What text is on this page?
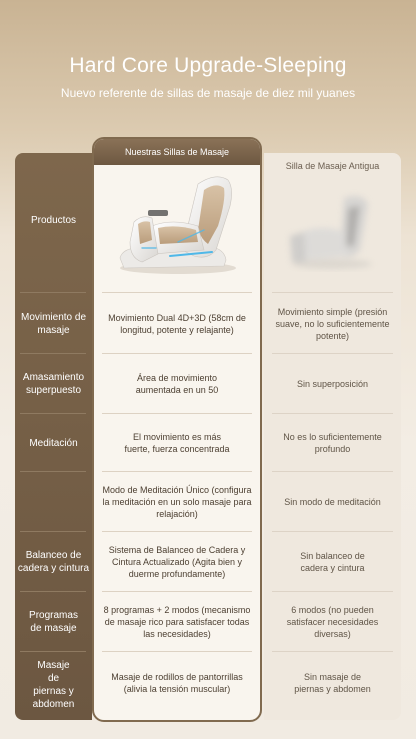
Hard Core Upgrade-Sleeping
Nuevo referente de sillas de masaje de diez mil yuanes
Nuestras Sillas de Masaje
Silla de Masaje Antigua
Productos
Movimiento de masaje
Movimiento Dual 4D+3D (58cm de longitud, potente y relajante)
Movimiento simple (presión suave, no lo suficientemente potente)
Amasamiento superpuesto
Área de movimiento aumentada en un 50
Sin superposición
Meditación
El movimiento es más fuerte, fuerza concentrada
No es lo suficientemente profundo
Modo de Meditación Único (configura la meditación en un solo masaje para relajación)
Sin modo de meditación
Balanceo de cadera y cintura
Sistema de Balanceo de Cadera y Cintura Actualizado (Agita bien y duerme profundamente)
Sin balanceo de cadera y cintura
Programas de masaje
8 programas + 2 modos (mecanismo de masaje rico para satisfacer todas las necesidades)
6 modos (no pueden satisfacer necesidades diversas)
Masaje de piernas y abdomen
Masaje de rodillos de pantorrillas (alivia la tensión muscular)
Sin masaje de piernas y abdomen
